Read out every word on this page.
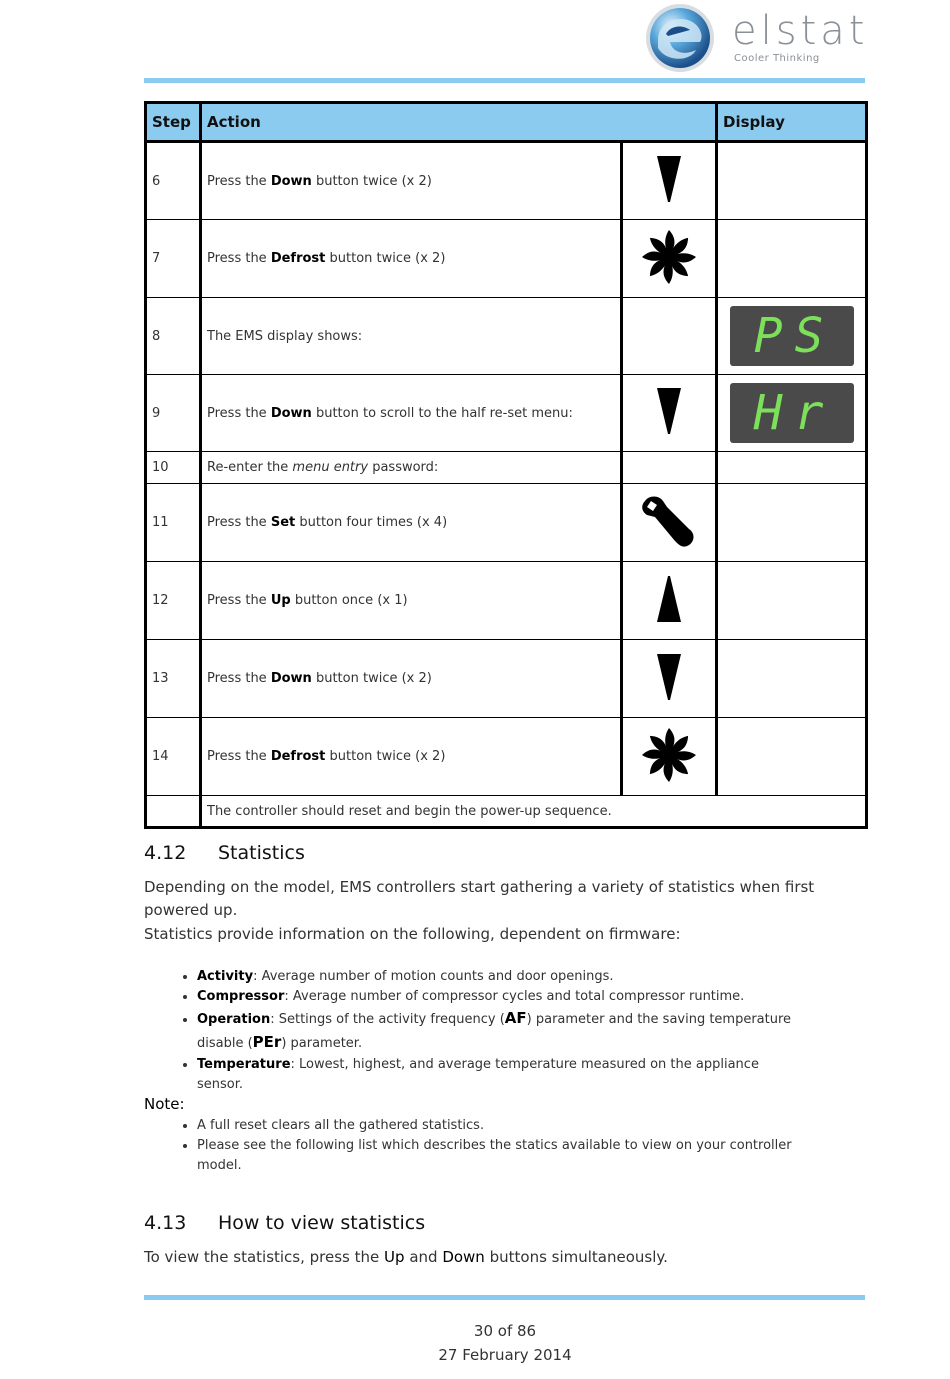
elstat
Cooler Thinking
Step	Action		Display
6	Press the Down button twice (x 2)		
7	Press the Defrost button twice (x 2)		
8	The EMS display shows:		PS

9	Press the Down button to scroll to the half re-set menu:		Hr

10	Re-enter the menu entry password:		
11	Press the Set button four times (x 4)		
12	Press the Up button once (x 1)		
13	Press the Down button twice (x 2)		
14	Press the Defrost button twice (x 2)		
	The controller should reset and begin the power-up sequence.		
4.12 Statistics
Depending on the model, EMS controllers start gathering a variety of statistics when first powered up.
Statistics provide information on the following, dependent on firmware:
• Activity: Average number of motion counts and door openings.
• Compressor: Average number of compressor cycles and total compressor runtime.
• Operation: Settings of the activity frequency (AF) parameter and the saving temperature disable (PEr) parameter.
• Temperature: Lowest, highest, and average temperature measured on the appliance sensor.
Note:
• A full reset clears all the gathered statistics.
• Please see the following list which describes the statics available to view on your controller model.
4.13 How to view statistics
To view the statistics, press the Up and Down buttons simultaneously.
30 of 86
27 February 2014
